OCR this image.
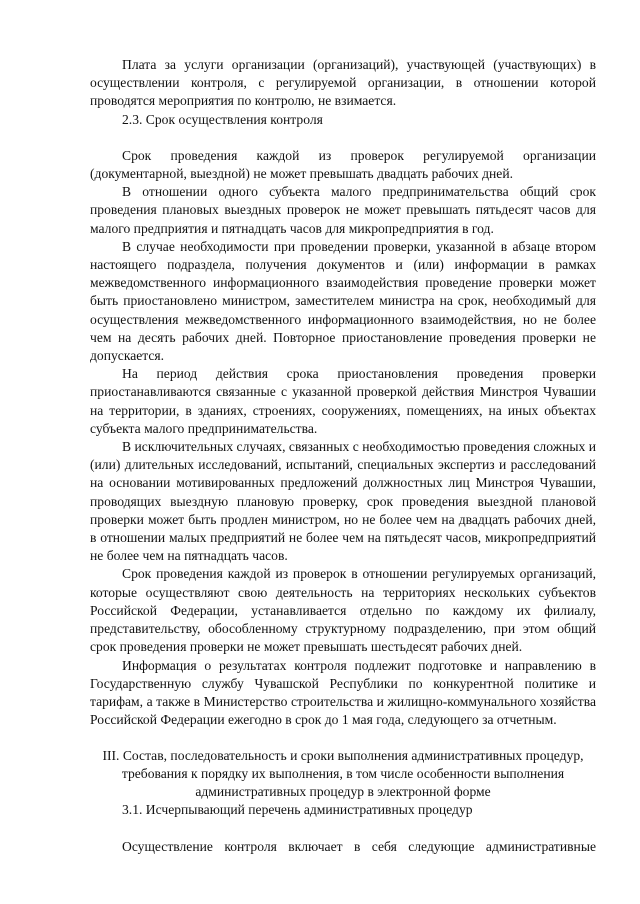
Плата за услуги организации (организаций), участвующей (участвующих) в осуществлении контроля, с регулируемой организации, в отношении которой проводятся мероприятия по контролю, не взимается.

2.3. Срок осуществления контроля

Срок проведения каждой из проверок регулируемой организации (документарной, выездной) не может превышать двадцать рабочих дней.

В отношении одного субъекта малого предпринимательства общий срок проведения плановых выездных проверок не может превышать пятьдесят часов для малого предприятия и пятнадцать часов для микропредприятия в год.

В случае необходимости при проведении проверки, указанной в абзаце втором настоящего подраздела, получения документов и (или) информации в рамках межведомственного информационного взаимодействия проведение проверки может быть приостановлено министром, заместителем министра на срок, необходимый для осуществления межведомственного информационного взаимодействия, но не более чем на десять рабочих дней. Повторное приостановление проведения проверки не допускается.

На период действия срока приостановления проведения проверки приостанавливаются связанные с указанной проверкой действия Минстроя Чувашии на территории, в зданиях, строениях, сооружениях, помещениях, на иных объектах субъекта малого предпринимательства.

В исключительных случаях, связанных с необходимостью проведения сложных и (или) длительных исследований, испытаний, специальных экспертиз и расследований на основании мотивированных предложений должностных лиц Минстроя Чувашии, проводящих выездную плановую проверку, срок проведения выездной плановой проверки может быть продлен министром, но не более чем на двадцать рабочих дней, в отношении малых предприятий не более чем на пятьдесят часов, микропредприятий не более чем на пятнадцать часов.

Срок проведения каждой из проверок в отношении регулируемых организаций, которые осуществляют свою деятельность на территориях нескольких субъектов Российской Федерации, устанавливается отдельно по каждому их филиалу, представительству, обособленному структурному подразделению, при этом общий срок проведения проверки не может превышать шестьдесят рабочих дней.

Информация о результатах контроля подлежит подготовке и направлению в Государственную службу Чувашской Республики по конкурентной политике и тарифам, а также в Министерство строительства и жилищно-коммунального хозяйства Российской Федерации ежегодно в срок до 1 мая года, следующего за отчетным.

III. Состав, последовательность и сроки выполнения административных процедур,

требования к порядку их выполнения, в том числе особенности выполнения

административных процедур в электронной форме

3.1. Исчерпывающий перечень административных процедур

Осуществление контроля включает в себя следующие административные
